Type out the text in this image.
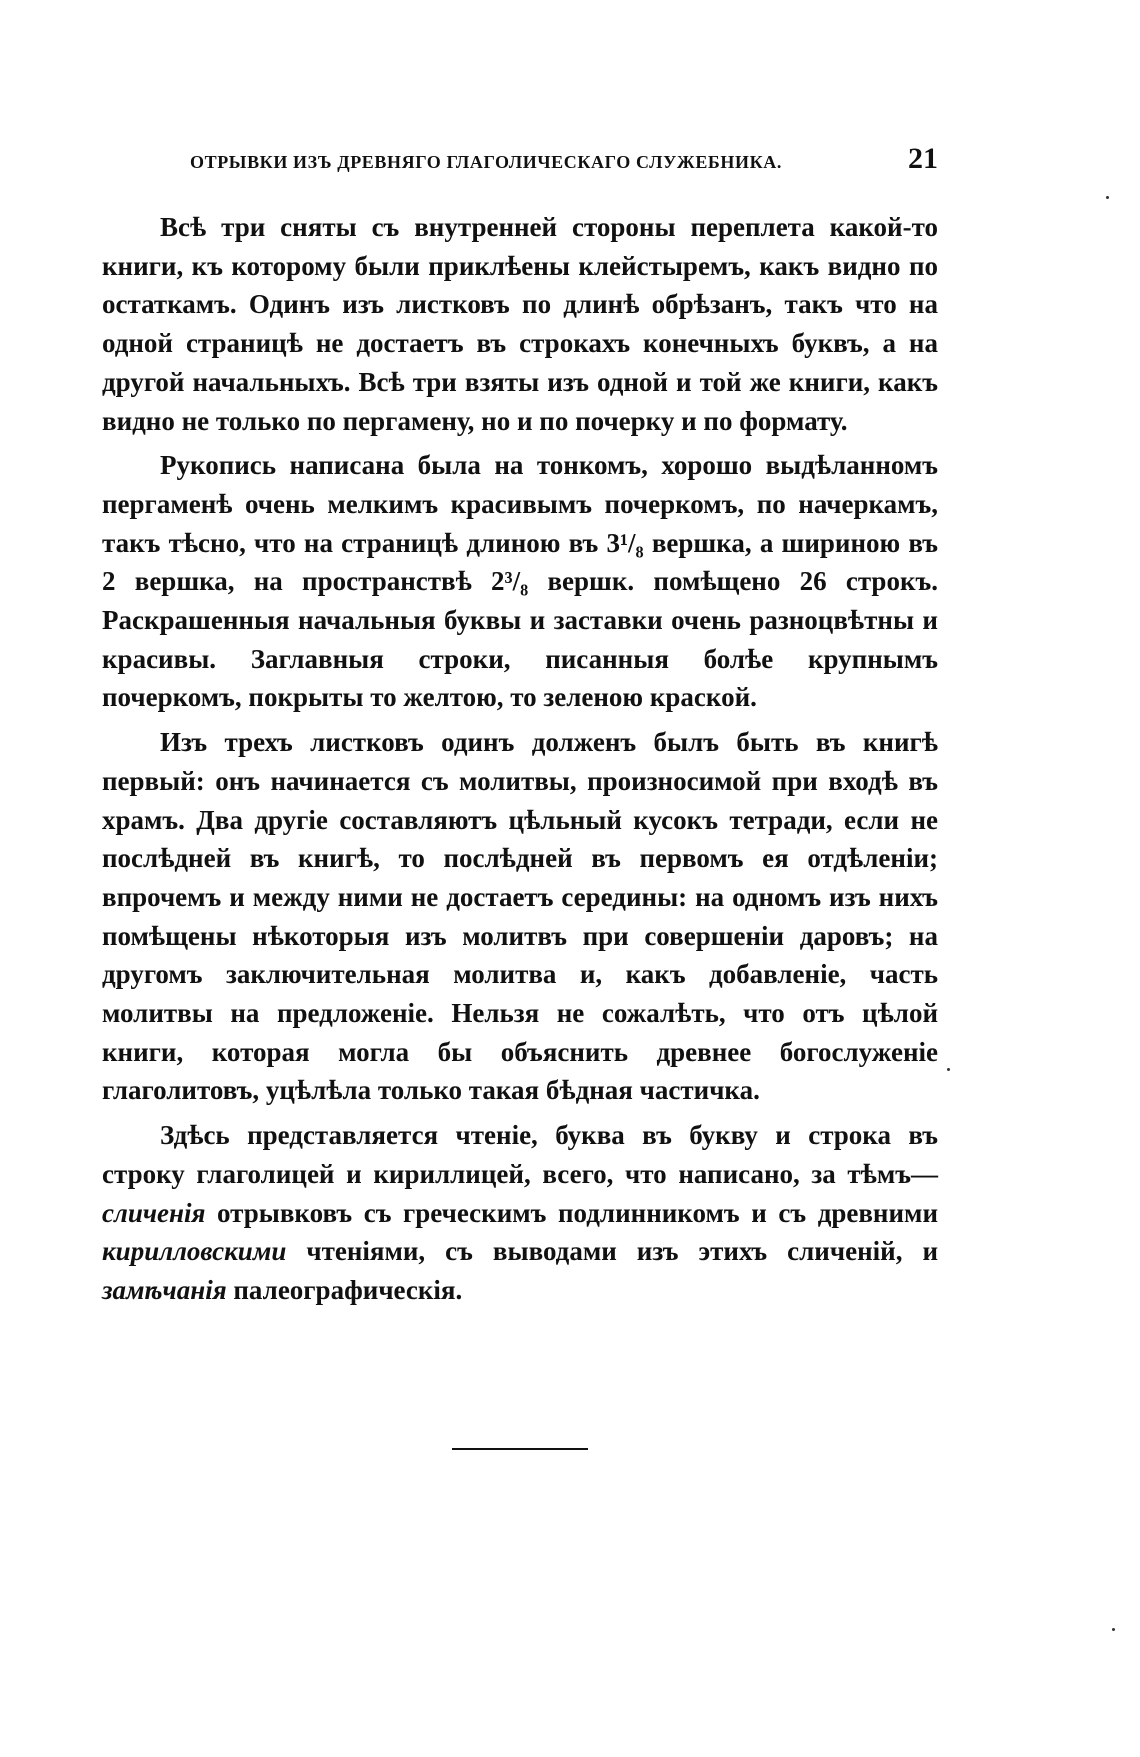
ОТРЫВКИ ИЗЪ ДРЕВНЯГО ГЛАГОЛИЧЕСКАГО СЛУЖЕБНИКА.	21

Всѣ три сняты съ внутренней стороны переплета какой-то книги, къ которому были приклѣены клейстыремъ, какъ видно по остаткамъ. Одинъ изъ листковъ по длинѣ обрѣзанъ, такъ что на одной страницѣ не достаетъ въ строкахъ конечныхъ буквъ, а на другой начальныхъ. Всѣ три взяты изъ одной и той же книги, какъ видно не только по пергамену, но и по почерку и по формату.

Рукопись написана была на тонкомъ, хорошо выдѣланномъ пергаменѣ очень мелкимъ красивымъ почеркомъ, по начеркамъ, такъ тѣсно, что на страницѣ длиною въ 3¹/₈ вершка, а шириною въ 2 вершка, на пространствѣ 2³/₈ вершк. помѣщено 26 строкъ. Раскрашенныя начальныя буквы и заставки очень разноцвѣтны и красивы. Заглавныя строки, писанныя болѣе крупнымъ почеркомъ, покрыты то желтою, то зеленою краской.

Изъ трехъ листковъ одинъ долженъ былъ быть въ книгѣ первый: онъ начинается съ молитвы, произносимой при входѣ въ храмъ. Два другіе составляютъ цѣльный кусокъ тетради, если не послѣдней въ книгѣ, то послѣдней въ первомъ ея отдѣленіи; впрочемъ и между ними не достаетъ середины: на одномъ изъ нихъ помѣщены нѣкоторыя изъ молитвъ при совершеніи даровъ; на другомъ заключительная молитва и, какъ добавленіе, часть молитвы на предложеніе. Нельзя не сожалѣть, что отъ цѣлой книги, которая могла бы объяснить древнее богослуженіе глаголитовъ, уцѣлѣла только такая бѣдная частичка.

Здѣсь представляется чтеніе, буква въ букву и строка въ строку глаголицей и кириллицей, всего, что написано, за тѣмъ— сличенія отрывковъ съ греческимъ подлинникомъ и съ древними кирилловскими чтеніями, съ выводами изъ этихъ сличеній, и замѣчанія палеографическія.
